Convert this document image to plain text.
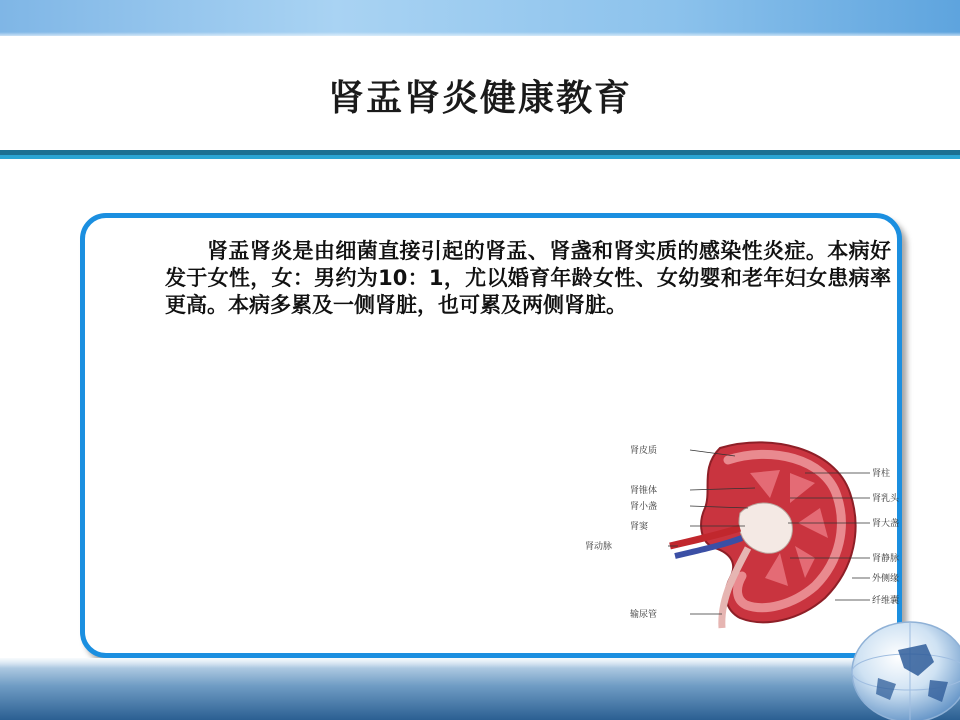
肾盂肾炎健康教育

肾盂肾炎是由细菌直接引起的肾盂、肾盏和肾实质的感染性炎症。本病好发于女性，女：男约为10：1，尤以婚育年龄女性、女幼婴和老年妇女患病率更高。本病多累及一侧肾脏，也可累及两侧肾脏。

肾皮质
肾锥体
肾小盏
肾窦
肾动脉
输尿管
肾柱
肾乳头
肾大盏
肾静脉
外侧缘
纤维囊
